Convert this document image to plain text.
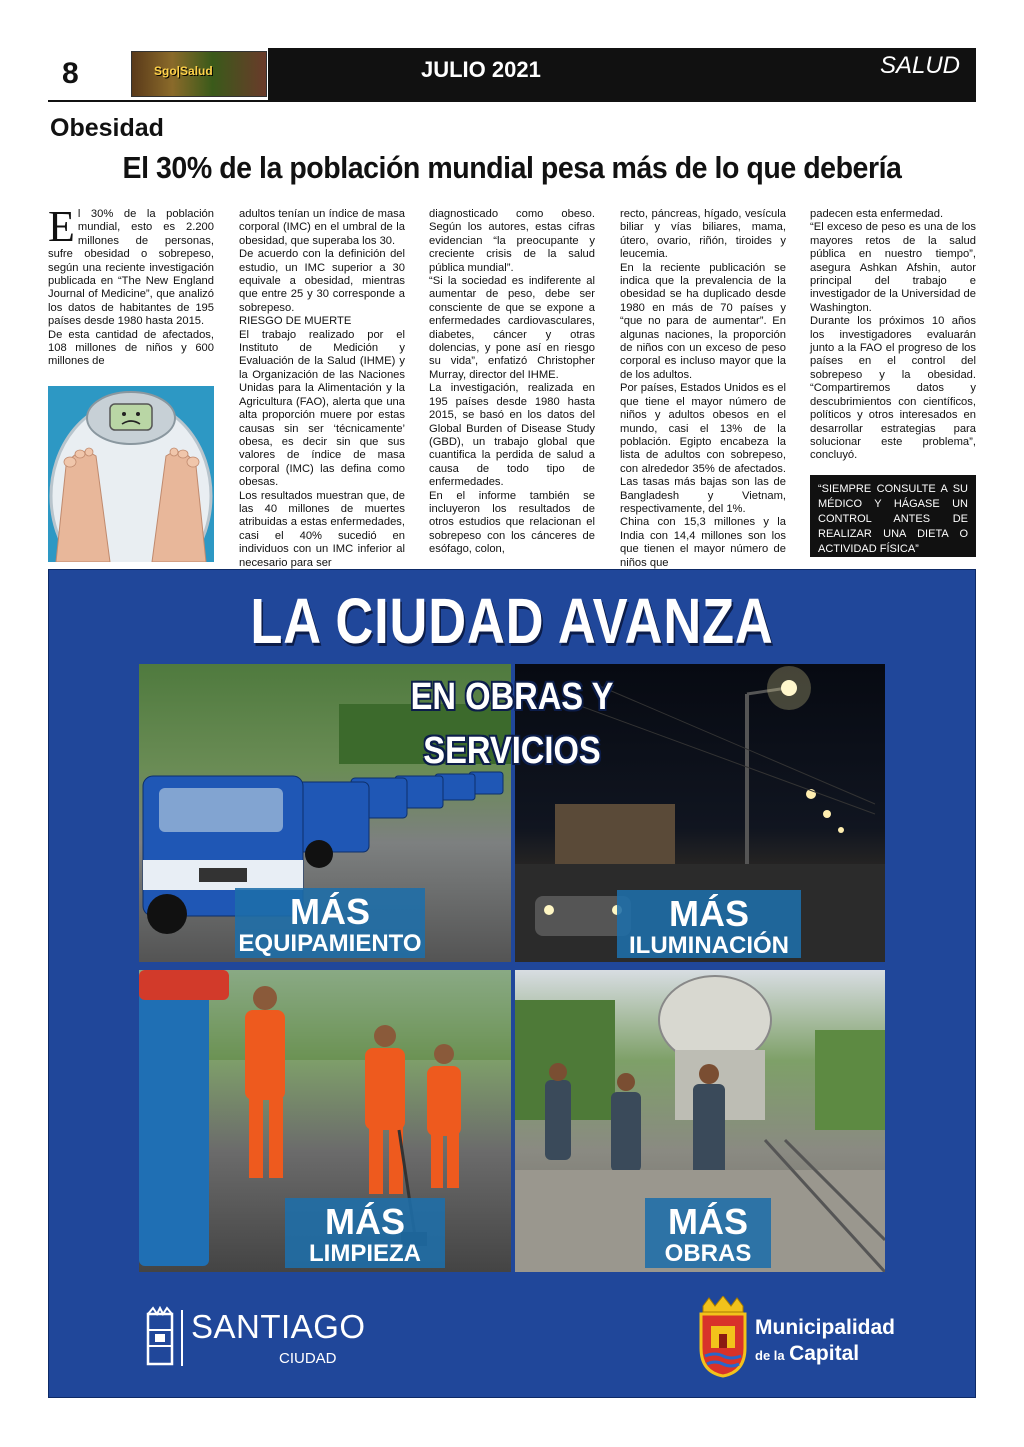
8	Sgo|Salud	JULIO 2021	SALUD
Obesidad
El 30% de la población mundial pesa más de lo que debería

El 30% de la población mundial, esto es 2.200 millones de personas, sufre obesidad o sobrepeso, según una reciente investigación publicada en “The New England Journal of Medicine”, que analizó los datos de habitantes de 195 países desde 1980 hasta 2015.

De esta cantidad de afectados, 108 millones de niños y 600 millones de

adultos tenían un índice de masa corporal (IMC) en el umbral de la obesidad, que superaba los 30.

De acuerdo con la definición del estudio, un IMC superior a 30 equivale a obesidad, mientras que entre 25 y 30 corresponde a sobrepeso.

RIESGO DE MUERTE

El trabajo realizado por el Instituto de Medición y Evaluación de la Salud (IHME) y la Organización de las Naciones Unidas para la Alimentación y la Agricultura (FAO), alerta que una alta proporción muere por estas causas sin ser ‘técnicamente’ obesa, es decir sin que sus valores de índice de masa corporal (IMC) las defina como obesas.

Los resultados muestran que, de las 40 millones de muertes atribuidas a estas enfermedades, casi el 40% sucedió en individuos con un IMC inferior al necesario para ser

diagnosticado como obeso. Según los autores, estas cifras evidencian “la preocupante y creciente crisis de la salud pública mundial”.

“Si la sociedad es indiferente al aumentar de peso, debe ser consciente de que se expone a enfermedades cardiovasculares, diabetes, cáncer y otras dolencias, y pone así en riesgo su vida”, enfatizó Christopher Murray, director del IHME.

La investigación, realizada en 195 países desde 1980 hasta 2015, se basó en los datos del Global Burden of Disease Study (GBD), un trabajo global que cuantifica la perdida de salud a causa de todo tipo de enfermedades.

En el informe también se incluyeron los resultados de otros estudios que relacionan el sobrepeso con los cánceres de esófago, colon,

recto, páncreas, hígado, vesícula biliar y vías biliares, mama, útero, ovario, riñón, tiroides y leucemia.

En la reciente publicación se indica que la prevalencia de la obesidad se ha duplicado desde 1980 en más de 70 países y “que no para de aumentar”. En algunas naciones, la proporción de niños con un exceso de peso corporal es incluso mayor que la de los adultos.

Por países, Estados Unidos es el que tiene el mayor número de niños y adultos obesos en el mundo, casi el 13% de la población. Egipto encabeza la lista de adultos con sobrepeso, con alrededor 35% de afectados. Las tasas más bajas son las de Bangladesh y Vietnam, respectivamente, del 1%.

China con 15,3 millones y la India con 14,4 millones son los que tienen el mayor número de niños que

padecen esta enfermedad.

“El exceso de peso es una de los mayores retos de la salud pública en nuestro tiempo”, asegura Ashkan Afshin, autor principal del trabajo e investigador de la Universidad de Washington.

Durante los próximos 10 años los investigadores evaluarán junto a la FAO el progreso de los países en el control del sobrepeso y la obesidad. “Compartiremos datos y descubrimientos con científicos, políticos y otros interesados en desarrollar estrategias para solucionar este problema”, concluyó.

“SIEMPRE CONSULTE A SU MÉDICO Y HÁGASE UN CONTROL ANTES DE REALIZAR UNA DIETA O ACTIVIDAD FÍSICA”
LA CIUDAD AVANZA
EN OBRAS Y SERVICIOS
MÁS
EQUIPAMIENTO
MÁS
ILUMINACIÓN
MÁS
LIMPIEZA
MÁS
OBRAS
SANTIAGO
CIUDAD
Municipalidad
de la Capital
